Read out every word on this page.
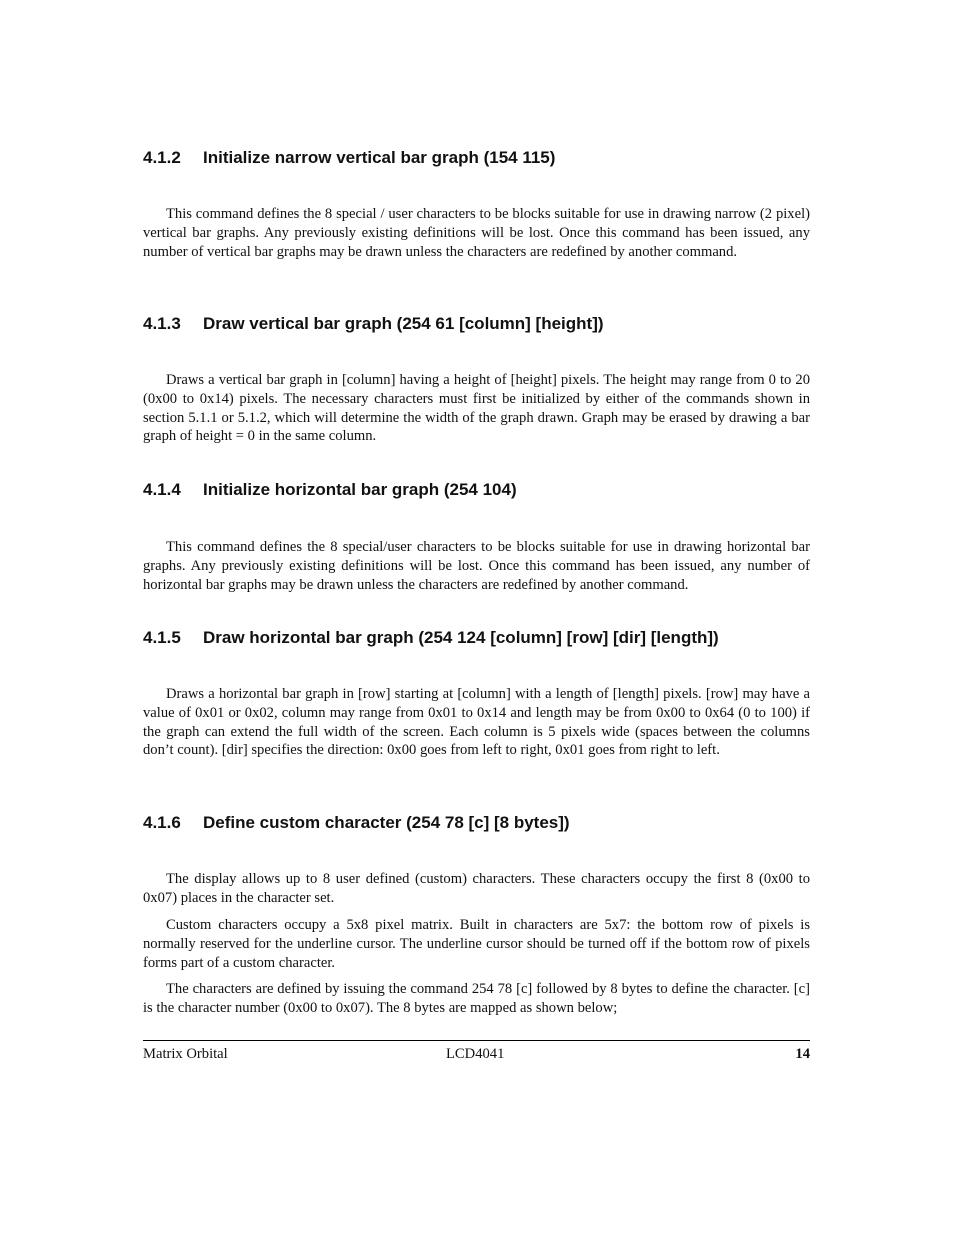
4.1.2 Initialize narrow vertical bar graph (154 115)

This command defines the 8 special / user characters to be blocks suitable for use in drawing narrow (2 pixel) vertical bar graphs. Any previously existing definitions will be lost. Once this command has been issued, any number of vertical bar graphs may be drawn unless the characters are redefined by another command.

4.1.3 Draw vertical bar graph (254 61 [column] [height])

Draws a vertical bar graph in [column] having a height of [height] pixels. The height may range from 0 to 20 (0x00 to 0x14) pixels. The necessary characters must first be initialized by either of the commands shown in section 5.1.1 or 5.1.2, which will determine the width of the graph drawn. Graph may be erased by drawing a bar graph of height = 0 in the same column.

4.1.4 Initialize horizontal bar graph (254 104)

This command defines the 8 special/user characters to be blocks suitable for use in drawing horizontal bar graphs. Any previously existing definitions will be lost. Once this command has been issued, any number of horizontal bar graphs may be drawn unless the characters are redefined by another command.

4.1.5 Draw horizontal bar graph (254 124 [column] [row] [dir] [length])

Draws a horizontal bar graph in [row] starting at [column] with a length of [length] pixels. [row] may have a value of 0x01 or 0x02, column may range from 0x01 to 0x14 and length may be from 0x00 to 0x64 (0 to 100) if the graph can extend the full width of the screen. Each column is 5 pixels wide (spaces between the columns don’t count). [dir] specifies the direction: 0x00 goes from left to right, 0x01 goes from right to left.

4.1.6 Define custom character (254 78 [c] [8 bytes])

The display allows up to 8 user defined (custom) characters. These characters occupy the first 8 (0x00 to 0x07) places in the character set.

Custom characters occupy a 5x8 pixel matrix. Built in characters are 5x7: the bottom row of pixels is normally reserved for the underline cursor. The underline cursor should be turned off if the bottom row of pixels forms part of a custom character.

The characters are defined by issuing the command 254 78 [c] followed by 8 bytes to define the character. [c] is the character number (0x00 to 0x07). The 8 bytes are mapped as shown below;

Matrix Orbital	LCD4041	14
